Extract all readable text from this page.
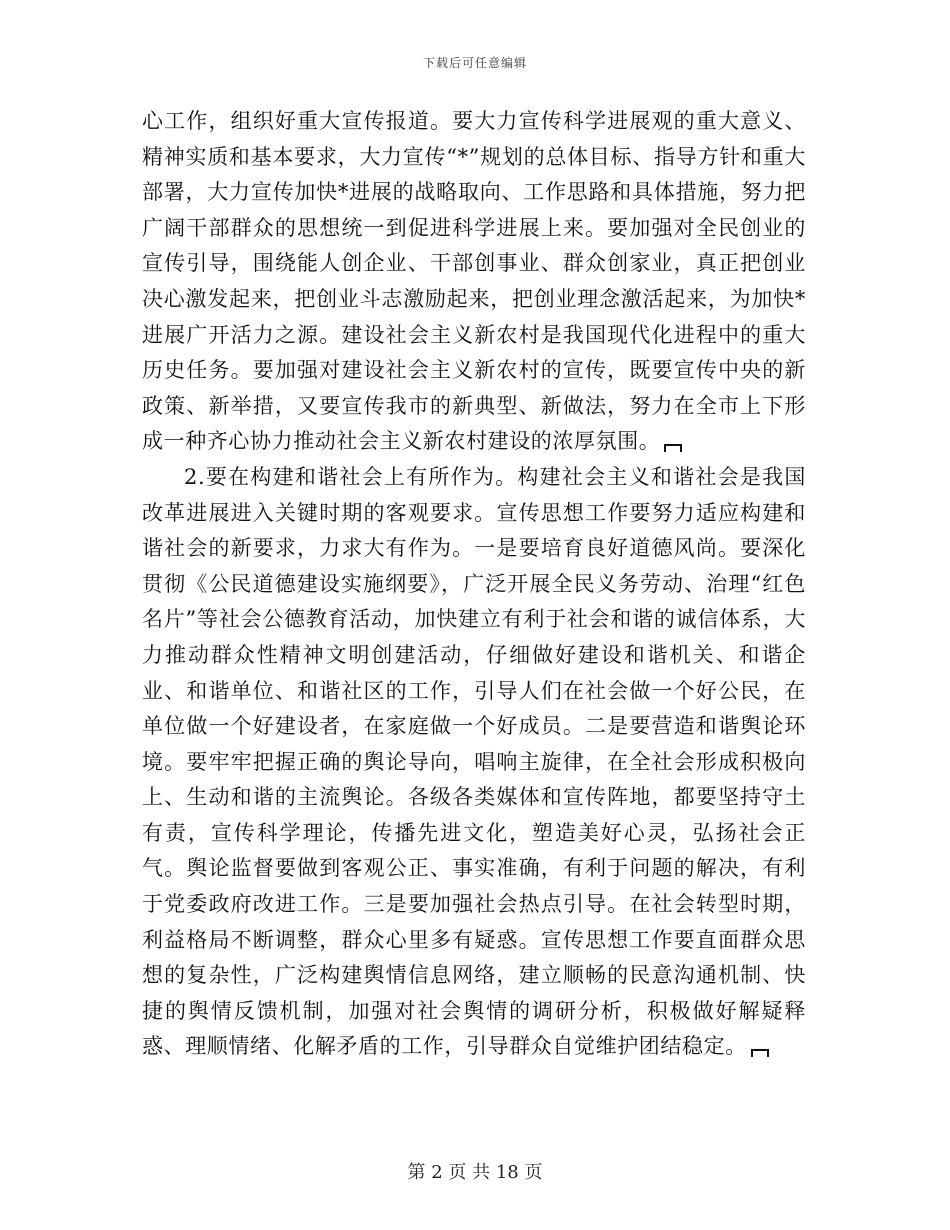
下载后可任意编辑

心工作，组织好重大宣传报道。要大力宣传科学进展观的重大意义、精神实质和基本要求，大力宣传“*”规划的总体目标、指导方针和重大部署，大力宣传加快*进展的战略取向、工作思路和具体措施，努力把广阔干部群众的思想统一到促进科学进展上来。要加强对全民创业的宣传引导，围绕能人创企业、干部创事业、群众创家业，真正把创业决心激发起来，把创业斗志激励起来，把创业理念激活起来，为加快*进展广开活力之源。建设社会主义新农村是我国现代化进程中的重大历史任务。要加强对建设社会主义新农村的宣传，既要宣传中央的新政策、新举措，又要宣传我市的新典型、新做法，努力在全市上下形成一种齐心协力推动社会主义新农村建设的浓厚氛围。

2.要在构建和谐社会上有所作为。构建社会主义和谐社会是我国改革进展进入关键时期的客观要求。宣传思想工作要努力适应构建和谐社会的新要求，力求大有作为。一是要培育良好道德风尚。要深化贯彻《公民道德建设实施纲要》，广泛开展全民义务劳动、治理“红色名片”等社会公德教育活动，加快建立有利于社会和谐的诚信体系，大力推动群众性精神文明创建活动，仔细做好建设和谐机关、和谐企业、和谐单位、和谐社区的工作，引导人们在社会做一个好公民，在单位做一个好建设者，在家庭做一个好成员。二是要营造和谐舆论环境。要牢牢把握正确的舆论导向，唱响主旋律，在全社会形成积极向上、生动和谐的主流舆论。各级各类媒体和宣传阵地，都要坚持守土有责，宣传科学理论，传播先进文化，塑造美好心灵，弘扬社会正气。舆论监督要做到客观公正、事实准确，有利于问题的解决，有利于党委政府改进工作。三是要加强社会热点引导。在社会转型时期，利益格局不断调整，群众心里多有疑惑。宣传思想工作要直面群众思想的复杂性，广泛构建舆情信息网络，建立顺畅的民意沟通机制、快捷的舆情反馈机制，加强对社会舆情的调研分析，积极做好解疑释惑、理顺情绪、化解矛盾的工作，引导群众自觉维护团结稳定。

第 2 页 共 18 页
